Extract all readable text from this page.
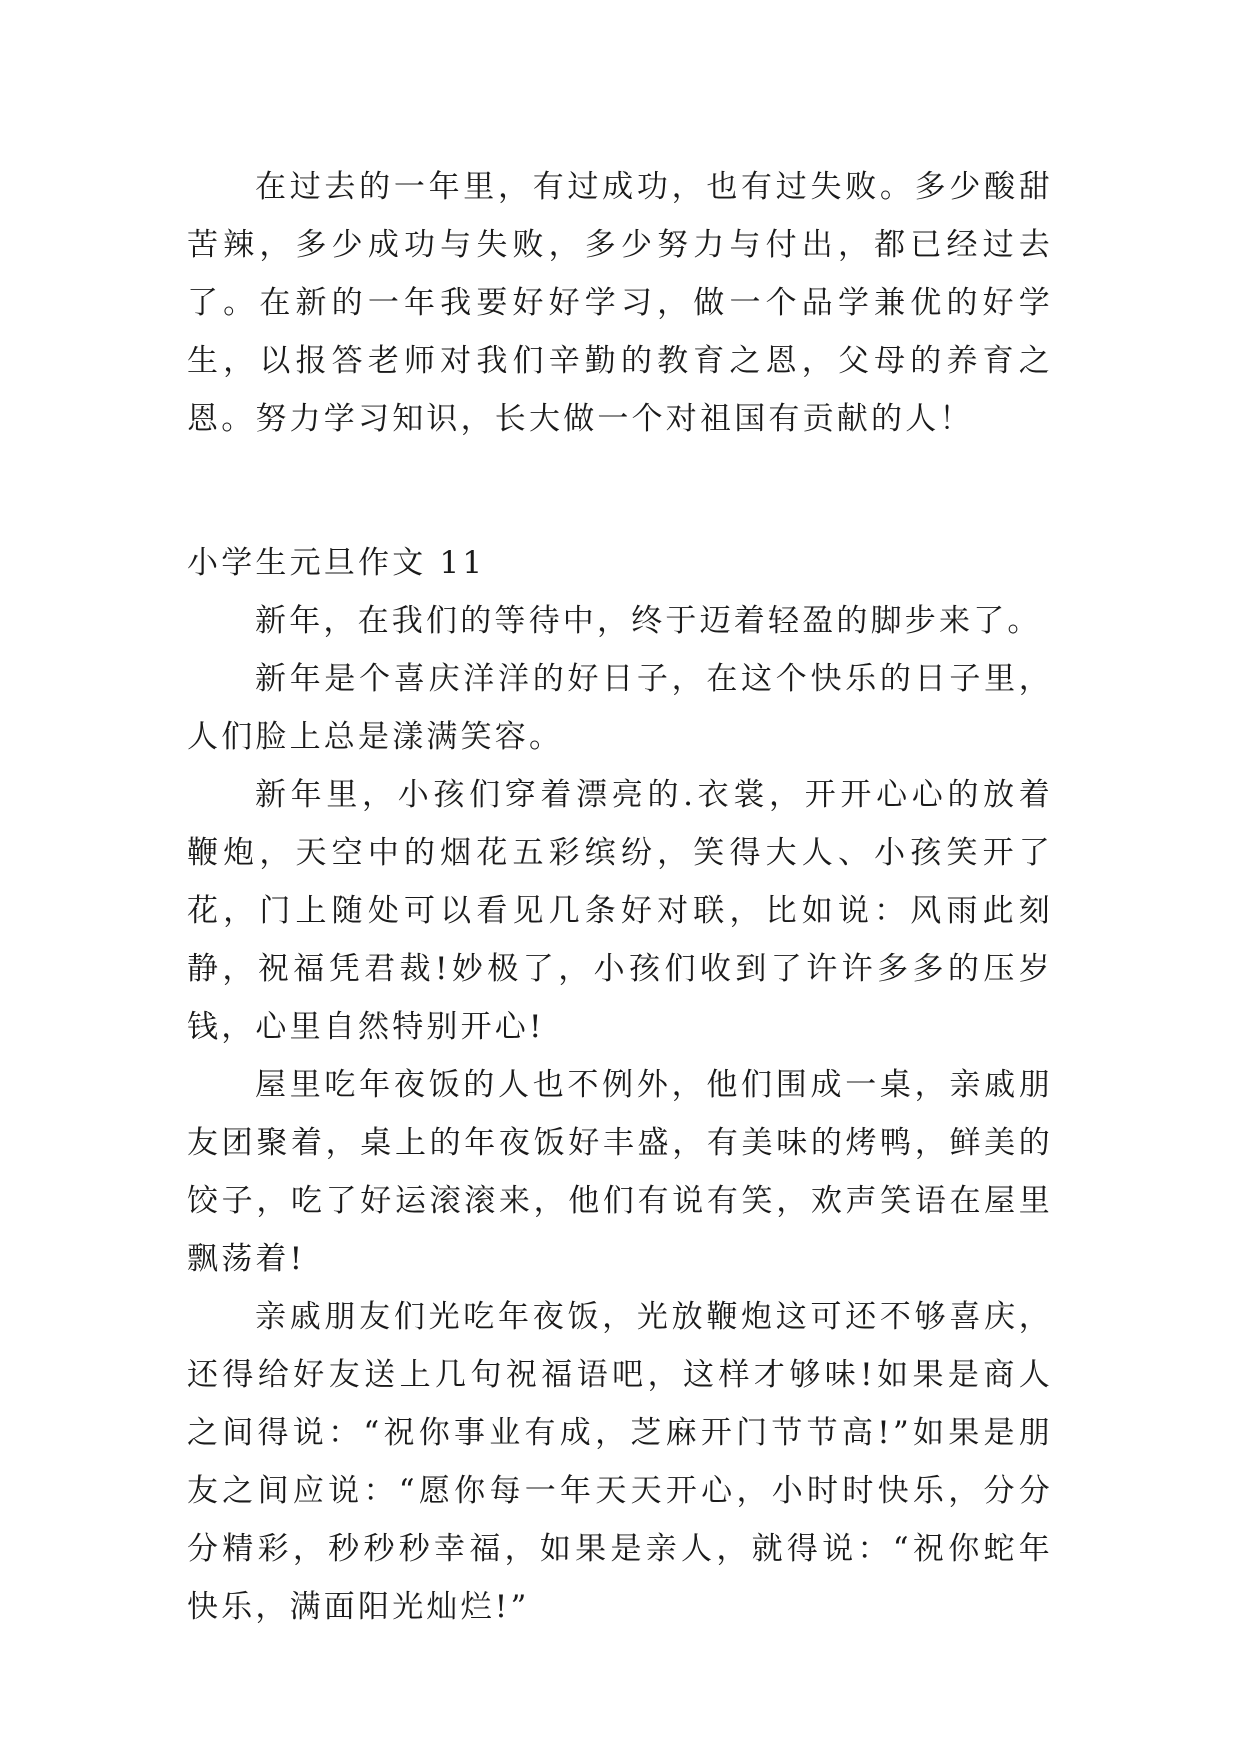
在过去的一年里，有过成功，也有过失败。多少酸甜苦辣，多少成功与失败，多少努力与付出，都已经过去了。在新的一年我要好好学习，做一个品学兼优的好学生，以报答老师对我们辛勤的教育之恩，父母的养育之恩。努力学习知识，长大做一个对祖国有贡献的人！

小学生元旦作文 11

新年，在我们的等待中，终于迈着轻盈的脚步来了。

新年是个喜庆洋洋的好日子，在这个快乐的日子里，人们脸上总是漾满笑容。

新年里，小孩们穿着漂亮的.衣裳，开开心心的放着鞭炮，天空中的烟花五彩缤纷，笑得大人、小孩笑开了花，门上随处可以看见几条好对联，比如说：风雨此刻静，祝福凭君裁!妙极了，小孩们收到了许许多多的压岁钱，心里自然特别开心!

屋里吃年夜饭的人也不例外，他们围成一桌，亲戚朋友团聚着，桌上的年夜饭好丰盛，有美味的烤鸭，鲜美的饺子，吃了好运滚滚来，他们有说有笑，欢声笑语在屋里飘荡着!

亲戚朋友们光吃年夜饭，光放鞭炮这可还不够喜庆，还得给好友送上几句祝福语吧，这样才够味!如果是商人之间得说：“祝你事业有成，芝麻开门节节高!”如果是朋友之间应说：“愿你每一年天天开心，小时时快乐，分分分精彩，秒秒秒幸福，如果是亲人，就得说：“祝你蛇年快乐，满面阳光灿烂!”
